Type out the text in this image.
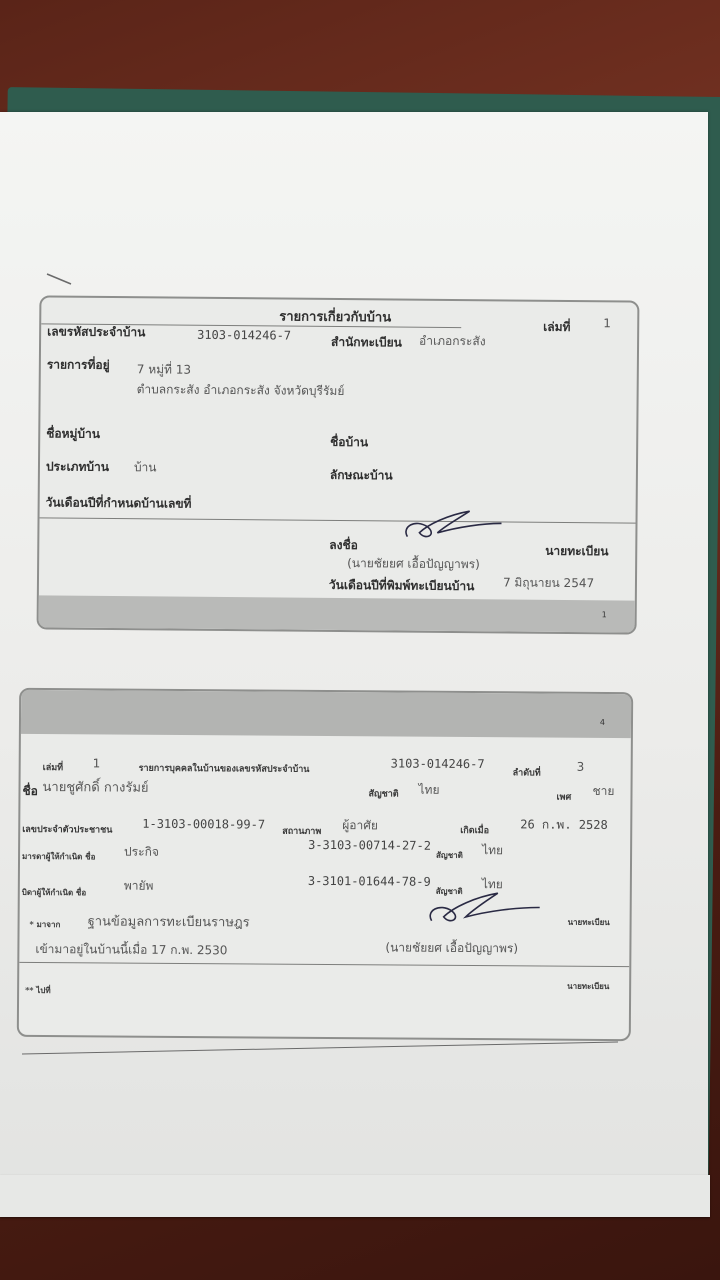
รายการเกี่ยวกับบ้าน
เล่มที่	1
เลขรหัสประจำบ้าน	3103-014246-7	สำนักทะเบียน อำเภอกระสัง
รายการที่อยู่ 7 หมู่ที่ 13
ตำบลกระสัง อำเภอกระสัง จังหวัดบุรีรัมย์
ชื่อหมู่บ้าน
ชื่อบ้าน
ประเภทบ้าน บ้าน
ลักษณะบ้าน
วันเดือนปีที่กำหนดบ้านเลขที่
ลงชื่อ	นายทะเบียน
(นายชัยยศ เอื้อปัญญาพร)
วันเดือนปีที่พิมพ์ทะเบียนบ้าน 7 มิถุนายน 2547
1
4
เล่มที่ 1	รายการบุคคลในบ้านของเลขรหัสประจำบ้าน	3103-014246-7
ลำดับที่	3
ชื่อ นายชูศักดิ์ กางรัมย์	สัญชาติ ไทย
เพศ ชาย
เลขประจำตัวประชาชน 1-3103-00018-99-7
สถานภาพ ผู้อาศัย	เกิดเมื่อ	26 ก.พ. 2528
มารดาผู้ให้กำเนิด ชื่อ ประกิจ	3-3103-00714-27-2
สัญชาติ ไทย
บิดาผู้ให้กำเนิด ชื่อ	พายัพ	3-3101-01644-78-9
สัญชาติ ไทย
* มาจาก ฐานข้อมูลการทะเบียนราษฎร	นายทะเบียน
เข้ามาอยู่ในบ้านนี้เมื่อ 17 ก.พ. 2530	(นายชัยยศ เอื้อปัญญาพร)
** ไปที่	นายทะเบียน
